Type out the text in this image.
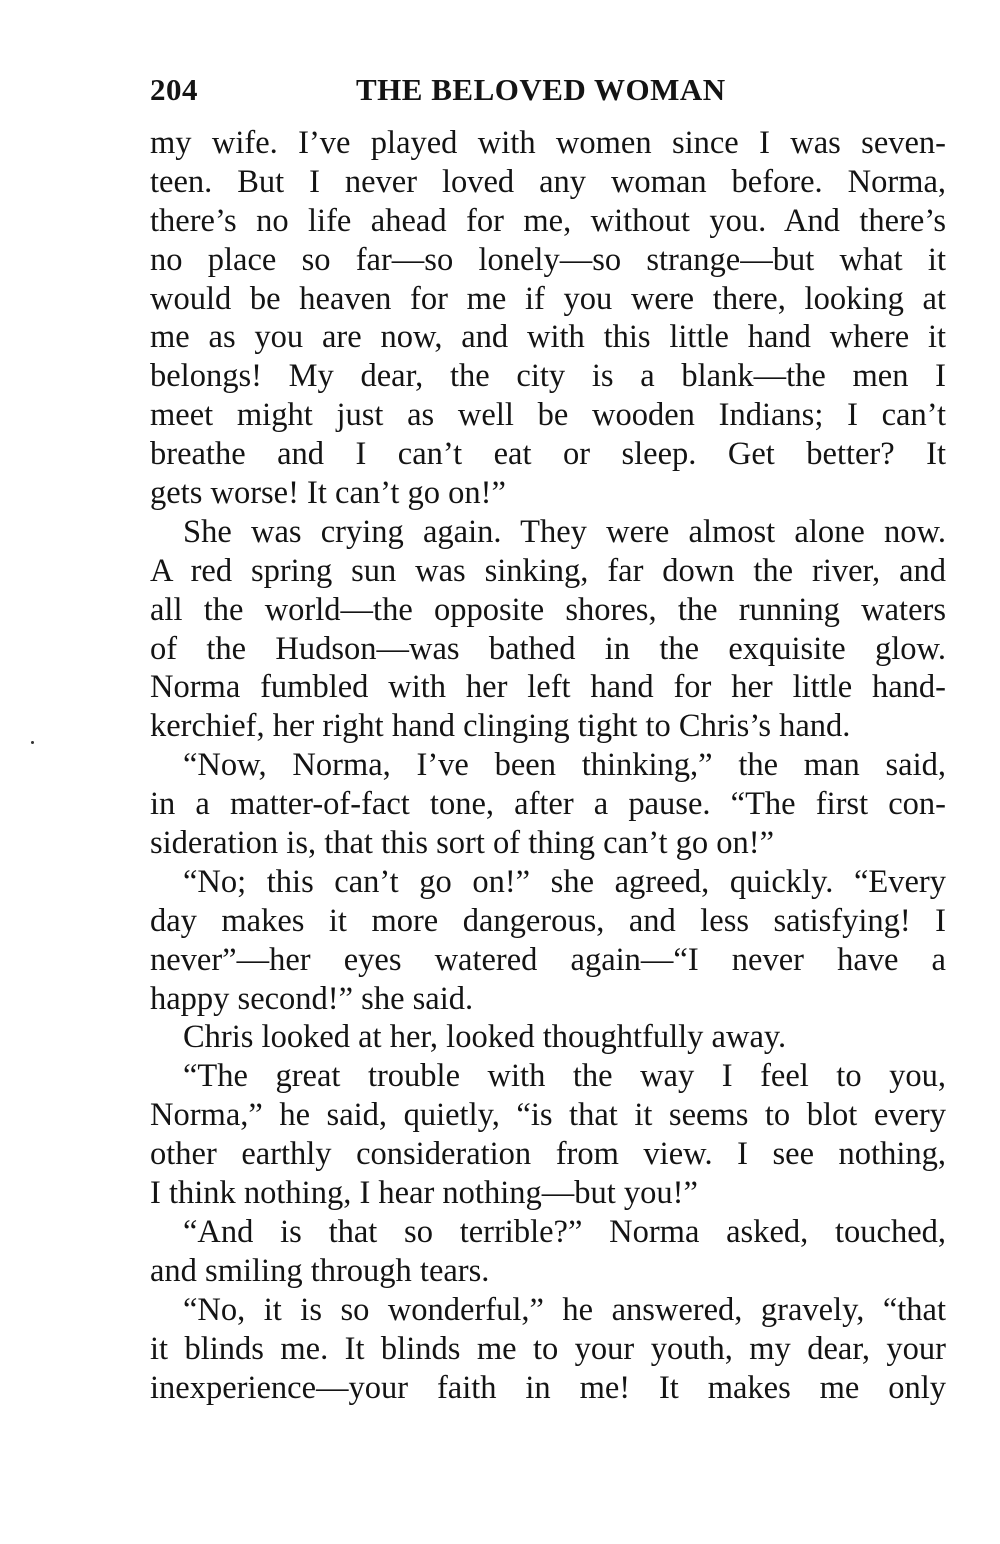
204	THE BELOVED WOMAN
my wife. I’ve played with women since I was seven-
teen. But I never loved any woman before. Norma,
there’s no life ahead for me, without you. And there’s
no place so far—so lonely—so strange—but what it
would be heaven for me if you were there, looking at
me as you are now, and with this little hand where it
belongs! My dear, the city is a blank—the men I
meet might just as well be wooden Indians; I can’t
breathe and I can’t eat or sleep. Get better? It
gets worse! It can’t go on!”
She was crying again. They were almost alone now.
A red spring sun was sinking, far down the river, and
all the world—the opposite shores, the running waters
of the Hudson—was bathed in the exquisite glow.
Norma fumbled with her left hand for her little hand-
kerchief, her right hand clinging tight to Chris’s hand.
“Now, Norma, I’ve been thinking,” the man said,
in a matter-of-fact tone, after a pause. “The first con-
sideration is, that this sort of thing can’t go on!”
“No; this can’t go on!” she agreed, quickly. “Every
day makes it more dangerous, and less satisfying! I
never”—her eyes watered again—“I never have a
happy second!” she said.
Chris looked at her, looked thoughtfully away.
“The great trouble with the way I feel to you,
Norma,” he said, quietly, “is that it seems to blot every
other earthly consideration from view. I see nothing,
I think nothing, I hear nothing—but you!”
“And is that so terrible?” Norma asked, touched,
and smiling through tears.
“No, it is so wonderful,” he answered, gravely, “that
it blinds me. It blinds me to your youth, my dear, your
inexperience—your faith in me! It makes me only
